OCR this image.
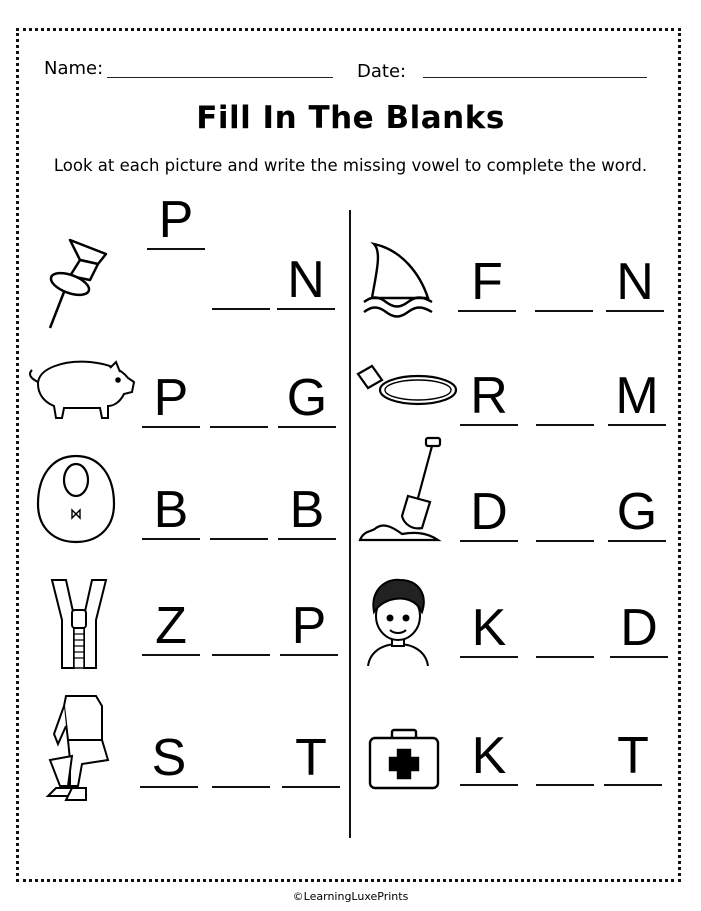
Name:	Date:
Fill In The Blanks
Look at each picture and write the missing vowel to complete the word.
P
N
P G
B B
Z P
S T
F N
R M
D G
K D
K T
©LearningLuxePrints
